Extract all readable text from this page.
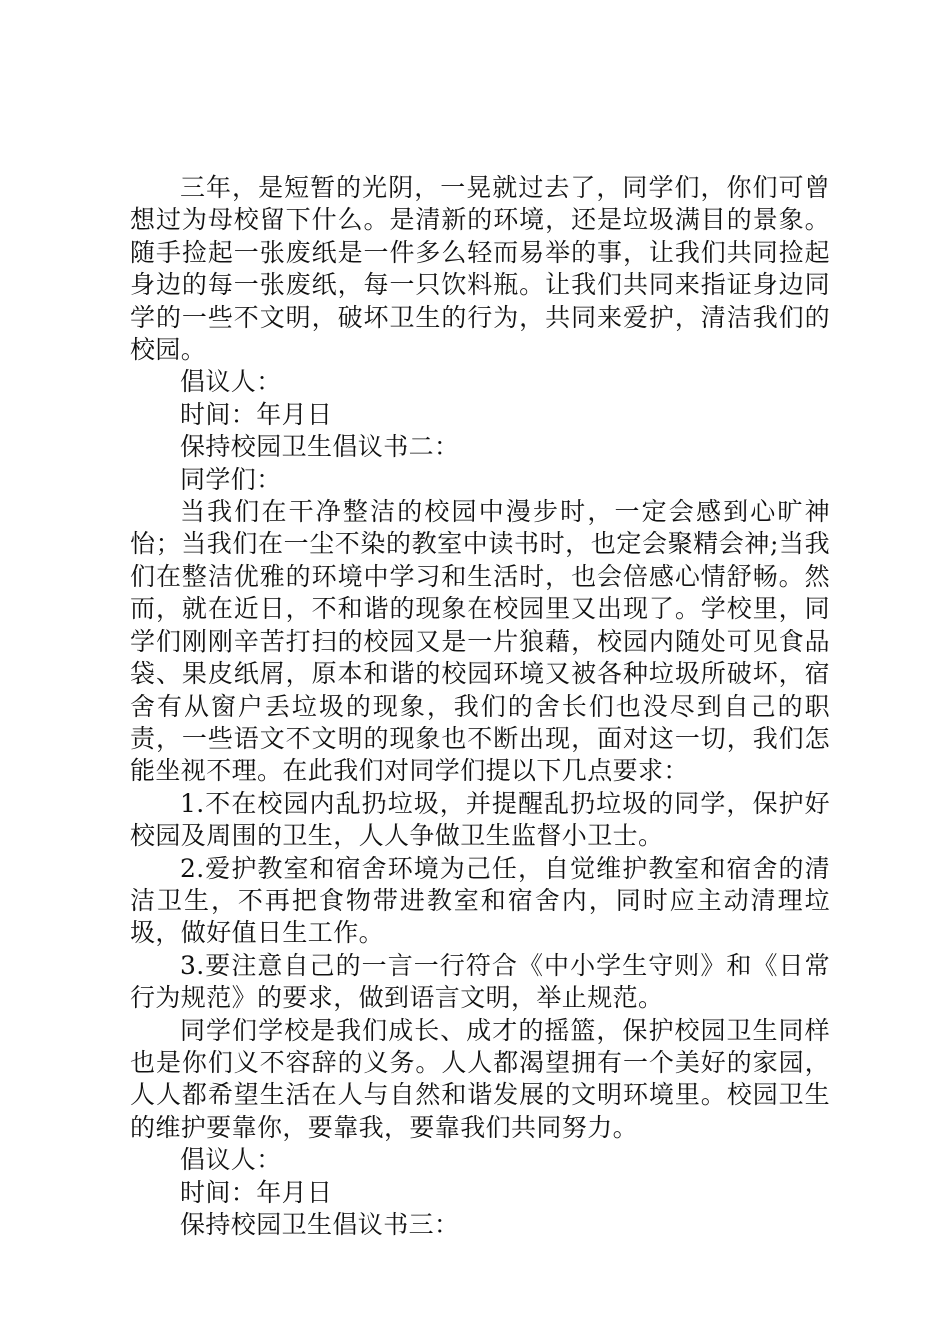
三年，是短暂的光阴，一晃就过去了，同学们，你们可曾想过为母校留下什么。是清新的环境，还是垃圾满目的景象。随手捡起一张废纸是一件多么轻而易举的事，让我们共同捡起身边的每一张废纸，每一只饮料瓶。让我们共同来指证身边同学的一些不文明，破坏卫生的行为，共同来爱护，清洁我们的校园。

倡议人：

时间：年月日

保持校园卫生倡议书二：

同学们：

当我们在干净整洁的校园中漫步时，一定会感到心旷神怡；当我们在一尘不染的教室中读书时，也定会聚精会神;当我们在整洁优雅的环境中学习和生活时，也会倍感心情舒畅。然而，就在近日，不和谐的现象在校园里又出现了。学校里，同学们刚刚辛苦打扫的校园又是一片狼藉，校园内随处可见食品袋、果皮纸屑，原本和谐的校园环境又被各种垃圾所破坏，宿舍有从窗户丢垃圾的现象，我们的舍长们也没尽到自己的职责，一些语文不文明的现象也不断出现，面对这一切，我们怎能坐视不理。在此我们对同学们提以下几点要求：

1.不在校园内乱扔垃圾，并提醒乱扔垃圾的同学，保护好校园及周围的卫生，人人争做卫生监督小卫士。

2.爱护教室和宿舍环境为己任，自觉维护教室和宿舍的清洁卫生，不再把食物带进教室和宿舍内，同时应主动清理垃圾，做好值日生工作。

3.要注意自己的一言一行符合《中小学生守则》和《日常行为规范》的要求，做到语言文明，举止规范。

同学们学校是我们成长、成才的摇篮，保护校园卫生同样也是你们义不容辞的义务。人人都渴望拥有一个美好的家园，人人都希望生活在人与自然和谐发展的文明环境里。校园卫生的维护要靠你，要靠我，要靠我们共同努力。

倡议人：

时间：年月日

保持校园卫生倡议书三：
